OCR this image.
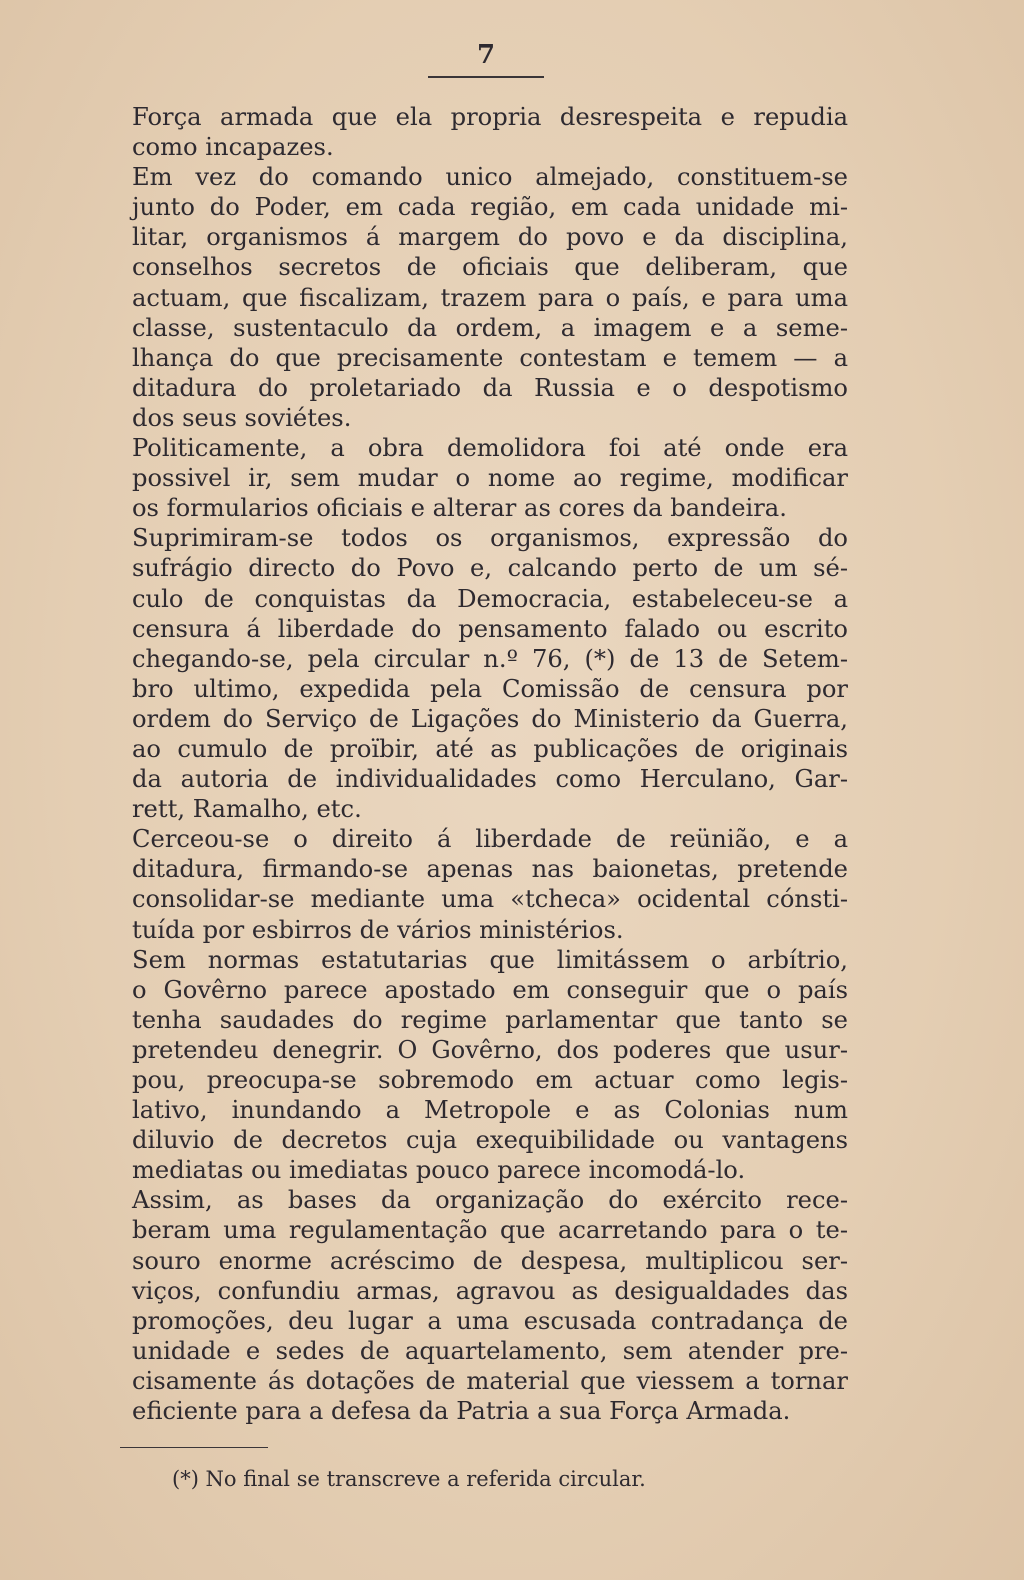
7
Força armada que ela propria desrespeita e repudia
como incapazes.
Em vez do comando unico almejado, constituem-se
junto do Poder, em cada região, em cada unidade mi-
litar, organismos á margem do povo e da disciplina,
conselhos secretos de oficiais que deliberam, que
actuam, que fiscalizam, trazem para o país, e para uma
classe, sustentaculo da ordem, a imagem e a seme-
lhança do que precisamente contestam e temem — a
ditadura do proletariado da Russia e o despotismo
dos seus soviétes.
Politicamente, a obra demolidora foi até onde era
possivel ir, sem mudar o nome ao regime, modificar
os formularios oficiais e alterar as cores da bandeira.
Suprimiram-se todos os organismos, expressão do
sufrágio directo do Povo e, calcando perto de um sé-
culo de conquistas da Democracia, estabeleceu-se a
censura á liberdade do pensamento falado ou escrito
chegando-se, pela circular n.º 76, (*) de 13 de Setem-
bro ultimo, expedida pela Comissão de censura por
ordem do Serviço de Ligações do Ministerio da Guerra,
ao cumulo de proïbir, até as publicações de originais
da autoria de individualidades como Herculano, Gar-
rett, Ramalho, etc.
Cerceou-se o direito á liberdade de reünião, e a
ditadura, firmando-se apenas nas baionetas, pretende
consolidar-se mediante uma «tcheca» ocidental cónsti-
tuída por esbirros de vários ministérios.
Sem normas estatutarias que limitássem o arbítrio,
o Govêrno parece apostado em conseguir que o país
tenha saudades do regime parlamentar que tanto se
pretendeu denegrir. O Govêrno, dos poderes que usur-
pou, preocupa-se sobremodo em actuar como legis-
lativo, inundando a Metropole e as Colonias num
diluvio de decretos cuja exequibilidade ou vantagens
mediatas ou imediatas pouco parece incomodá-lo.
Assim, as bases da organização do exército rece-
beram uma regulamentação que acarretando para o te-
souro enorme acréscimo de despesa, multiplicou ser-
viços, confundiu armas, agravou as desigualdades das
promoções, deu lugar a uma escusada contradança de
unidade e sedes de aquartelamento, sem atender pre-
cisamente ás dotações de material que viessem a tornar
eficiente para a defesa da Patria a sua Força Armada.
(*) No final se transcreve a referida circular.
